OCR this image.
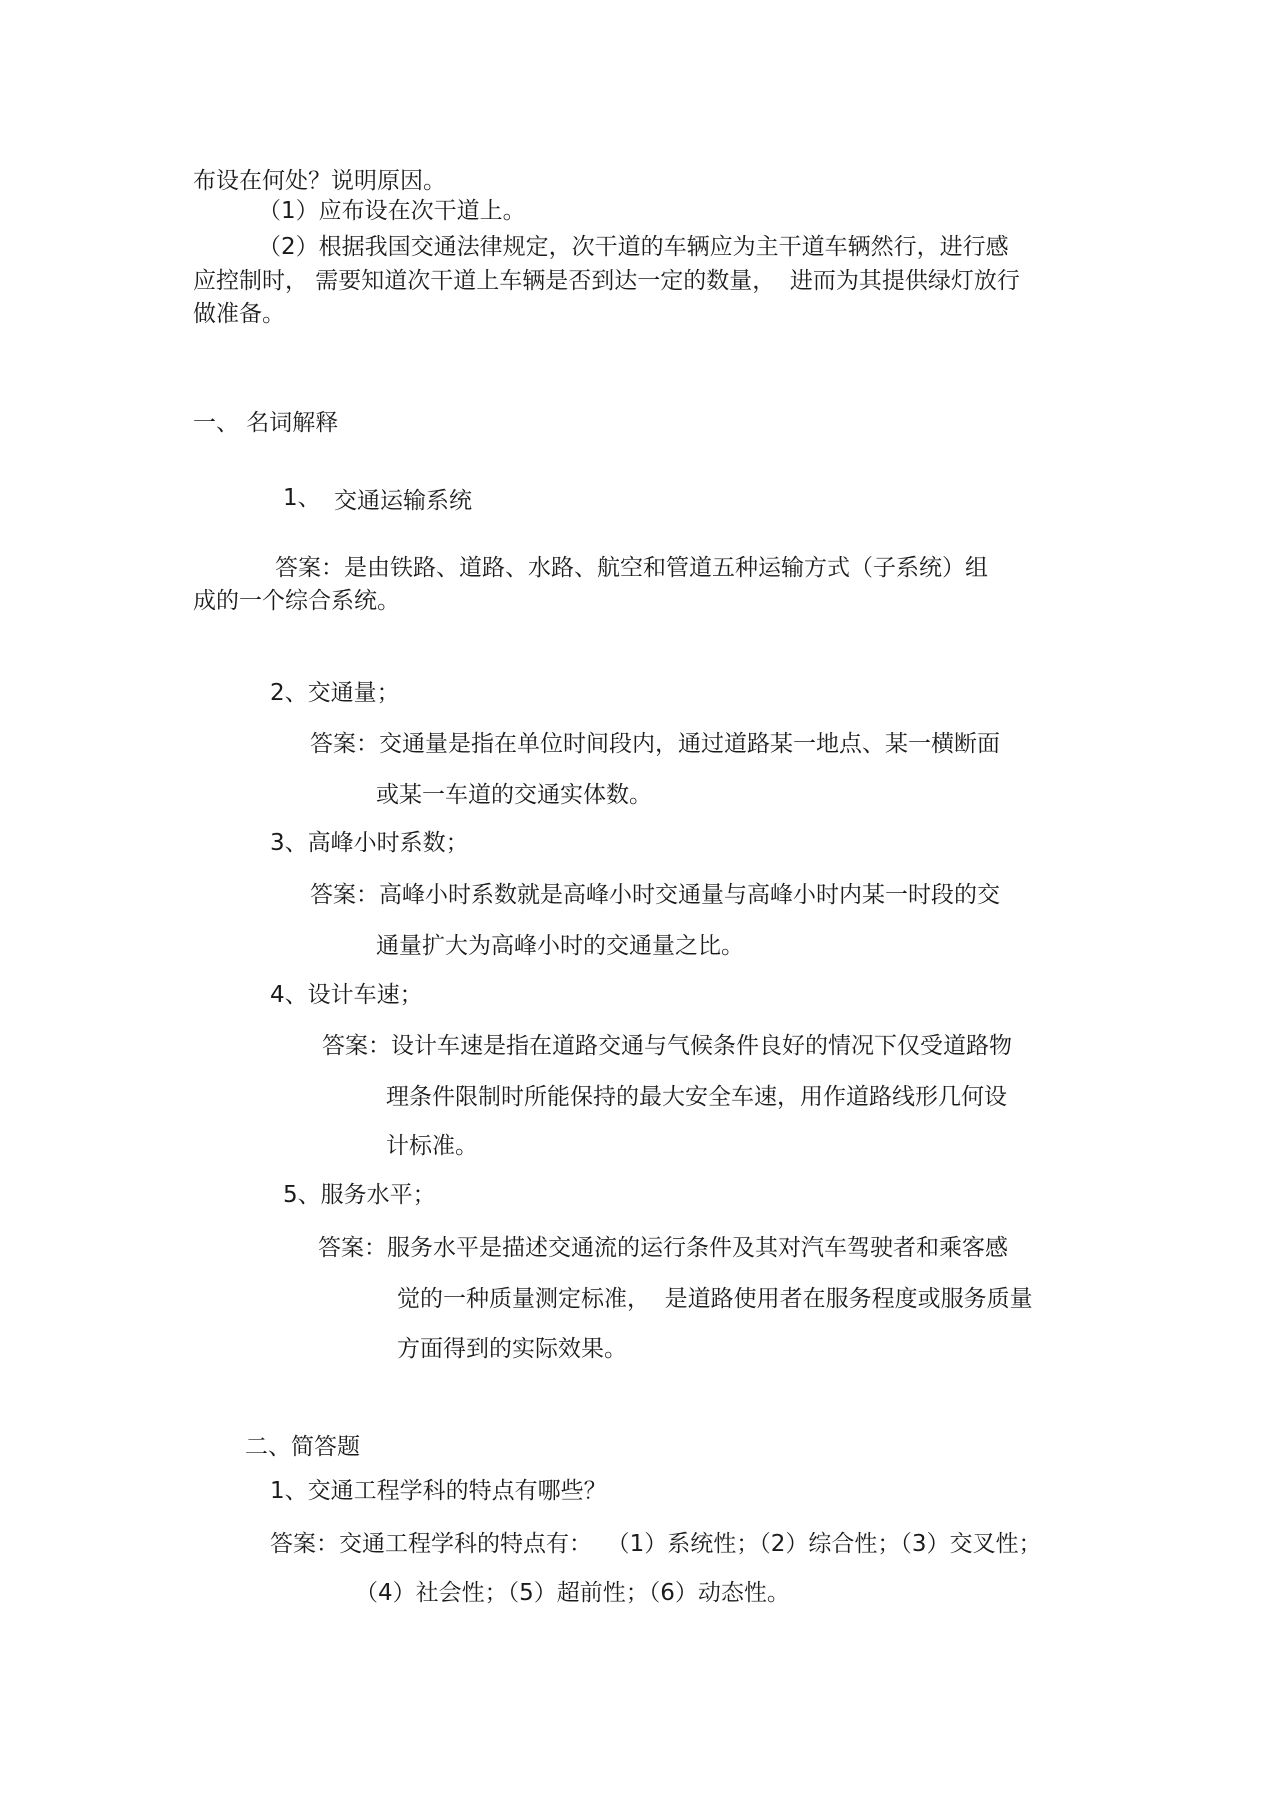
布设在何处？说明原因。

（1）应布设在次干道上。

（2）根据我国交通法律规定，次干道的车辆应为主干道车辆然行，进行感

应控制时， 需要知道次干道上车辆是否到达一定的数量，  进而为其提供绿灯放行

做准备。

一、 名词解释

1、 交通运输系统

答案：是由铁路、道路、水路、航空和管道五种运输方式（子系统）组

成的一个综合系统。

2、交通量；

答案：交通量是指在单位时间段内，通过道路某一地点、某一横断面

或某一车道的交通实体数。

3、高峰小时系数；

答案：高峰小时系数就是高峰小时交通量与高峰小时内某一时段的交

通量扩大为高峰小时的交通量之比。

4、设计车速；

答案：设计车速是指在道路交通与气候条件良好的情况下仅受道路物

理条件限制时所能保持的最大安全车速，用作道路线形几何设

计标准。

5、服务水平；

答案：服务水平是描述交通流的运行条件及其对汽车驾驶者和乘客感

觉的一种质量测定标准，  是道路使用者在服务程度或服务质量

方面得到的实际效果。

二、简答题

1、交通工程学科的特点有哪些？

答案：交通工程学科的特点有：  （1）系统性；（2）综合性；（3）交叉性；

（4）社会性；（5）超前性；（6）动态性。
